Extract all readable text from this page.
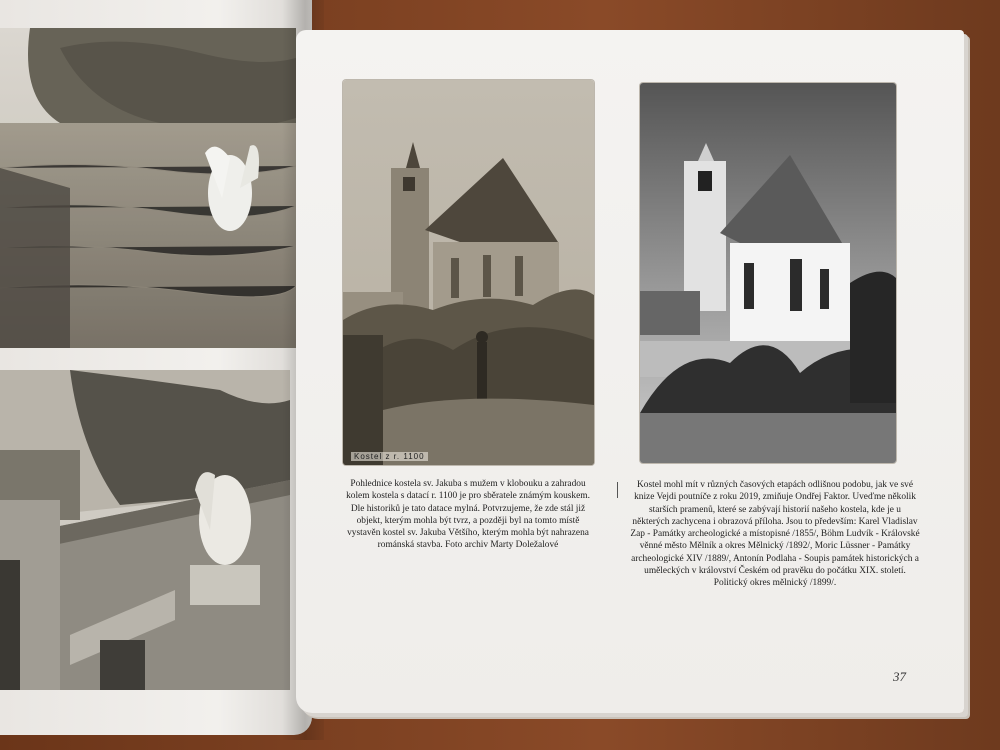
Kostel z r. 1100

Pohlednice kostela sv. Jakuba s mužem v klobouku a zahradou kolem kostela s datací r. 1100 je pro sběratele známým kouskem. Dle historiků je tato datace mylná. Potvrzujeme, že zde stál již objekt, kterým mohla být tvrz, a později byl na tomto místě vystavěn kostel sv. Jakuba Většího, kterým mohla být nahrazena románská stavba. Foto archiv Marty Doležalové

Kostel mohl mít v různých časových etapách odlišnou podobu, jak ve své knize Vejdi poutníče z roku 2019, zmiňuje Ondřej Faktor. Uveďme několik starších pramenů, které se zabývají historií našeho kostela, kde je u některých zachycena i obrazová příloha. Jsou to především: Karel Vladislav Zap - Památky archeologické a místopisné /1855/, Böhm Ludvík - Královské věnné město Mělník a okres Mělnický /1892/, Moric Lüssner - Památky archeologické XIV /1889/, Antonín Podlaha - Soupis památek historických a uměleckých v království Českém od pravěku do počátku XIX. století. Politický okres mělnický /1899/.

37
